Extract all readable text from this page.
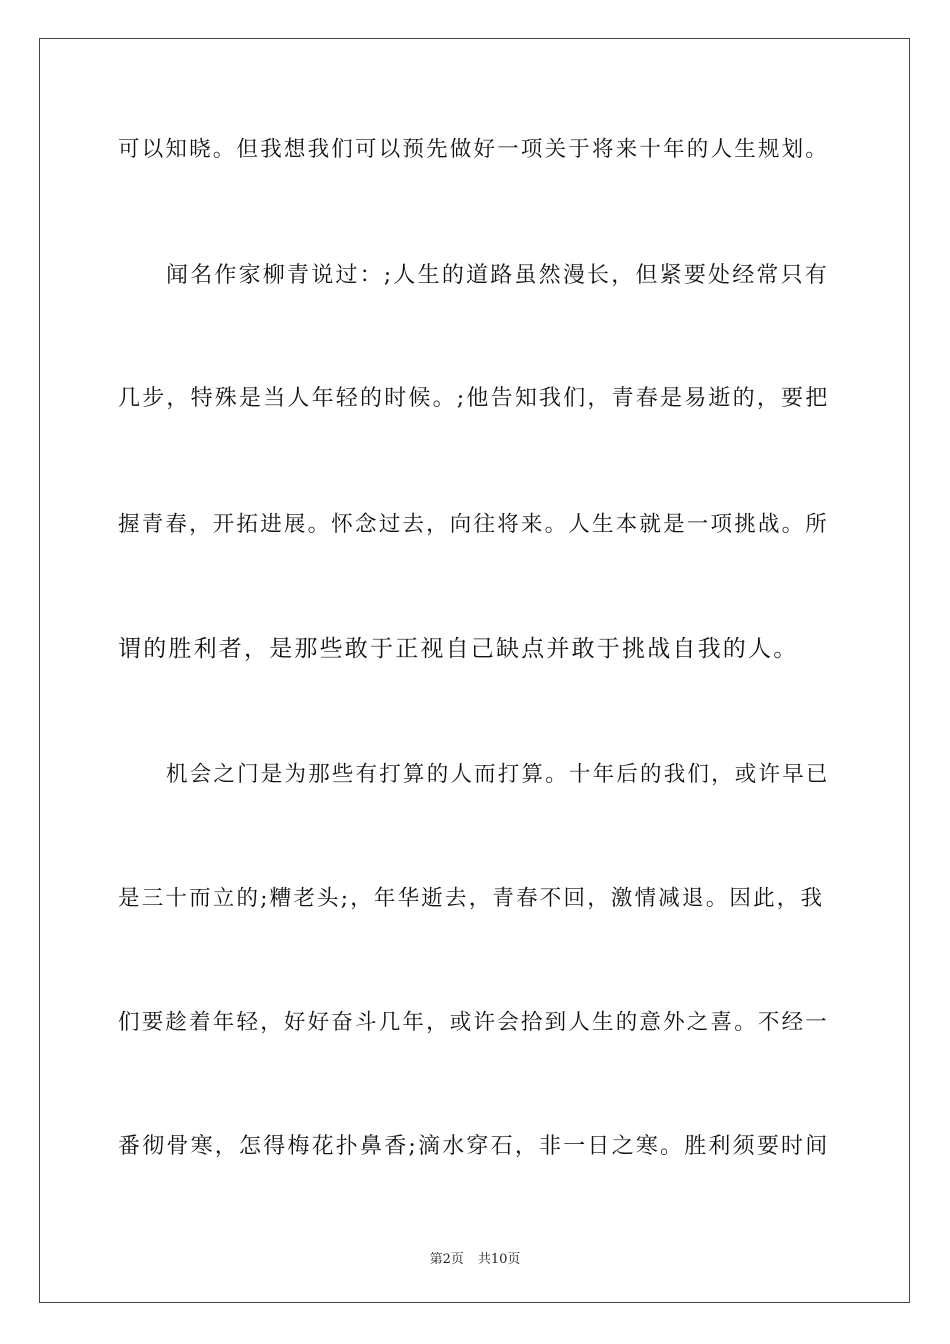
可以知晓。但我想我们可以预先做好一项关于将来十年的人生规划。
闻名作家柳青说过：;人生的道路虽然漫长，但紧要处经常只有
几步，特殊是当人年轻的时候。;他告知我们，青春是易逝的，要把
握青春，开拓进展。怀念过去，向往将来。人生本就是一项挑战。所
谓的胜利者，是那些敢于正视自己缺点并敢于挑战自我的人。
机会之门是为那些有打算的人而打算。十年后的我们，或许早已
是三十而立的;糟老头;，年华逝去，青春不回，激情减退。因此，我
们要趁着年轻，好好奋斗几年，或许会拾到人生的意外之喜。不经一
番彻骨寒，怎得梅花扑鼻香;滴水穿石，非一日之寒。胜利须要时间
第2页 共10页
